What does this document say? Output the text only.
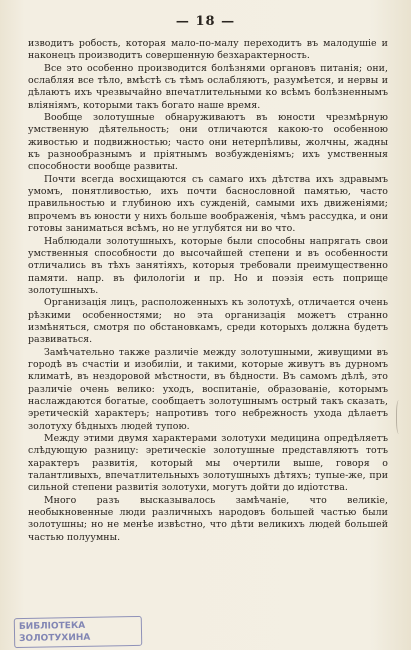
— 18 —

изводитъ робость, которая мало-по-малу переходитъ въ малодушіе и наконецъ производитъ совершенную безхарактерность.

Все это особенно производится болѣзнями органовъ питанія; они, ослабляя все тѣло, вмѣстѣ съ тѣмъ ослабляютъ, разумѣется, и нервы и дѣлаютъ ихъ чрезвычайно впечатлительными ко всѣмъ болѣзненнымъ вліяніямъ, которыми такъ богато наше время.

Вообще золотушные обнаруживаютъ въ юности чрезмѣрную умственную дѣятельность; они отличаются какою-то особенною живостью и подвижностью; часто они нетерпѣливы, жолчны, жадны къ разнообразнымъ и пріятнымъ возбужденіямъ; ихъ умственныя способности вообще развиты.

Почти всегда восхищаются съ самаго ихъ дѣтства ихъ здравымъ умомъ, понятливостью, ихъ почти баснословной памятью, часто правильностью и глубиною ихъ сужденій, самыми ихъ движеніями; впрочемъ въ юности у нихъ больше воображенія, чѣмъ рассудка, и они готовы заниматься всѣмъ, но не углубятся ни во что.

Наблюдали золотушныхъ, которые были способны напрягать свои умственныя способности до высочайшей степени и въ особенности отличались въ тѣхъ занятіяхъ, которыя требовали преимущественно памяти. напр. въ филологіи и пр. Но и поэзія есть поприще золотушныхъ.

Организація лицъ, расположенныхъ къ золотухѣ, отличается очень рѣзкими особенностями; но эта организація можетъ странно измѣняться, смотря по обстановкамъ, среди которыхъ должна будетъ развиваться.

Замѣчательно также различіе между золотушными, живущими въ городѣ въ счастіи и изобиліи, и такими, которые живутъ въ дурномъ климатѣ, въ нездоровой мѣстности, въ бѣдности. Въ самомъ дѣлѣ, это различіе очень велико: уходъ, воспитаніе, образованіе, которымъ наслаждаются богатые, сообщаетъ золотушнымъ острый такъ сказать, эретическій характеръ; напротивъ того небрежность ухода дѣлаетъ золотуху бѣдныхъ людей тупою.

Между этими двумя характерами золотухи медицина опредѣляетъ слѣдующую разницу: эретическіе золотушные представляютъ тотъ характеръ развитія, который мы очертили выше, говоря о талантливыхъ, впечатлительныхъ золотушныхъ дѣтяхъ; тупые-же, при сильной степени развитія золотухи, могутъ дойти до идіотства.

Много разъ высказывалось замѣчаніе, что великіе, необыкновенные люди различныхъ народовъ большей частью были золотушны; но не менѣе извѣстно, что дѣти великихъ людей большей частью полуумны.

БИБЛІОТЕКА
ЗОЛОТУХИНА
